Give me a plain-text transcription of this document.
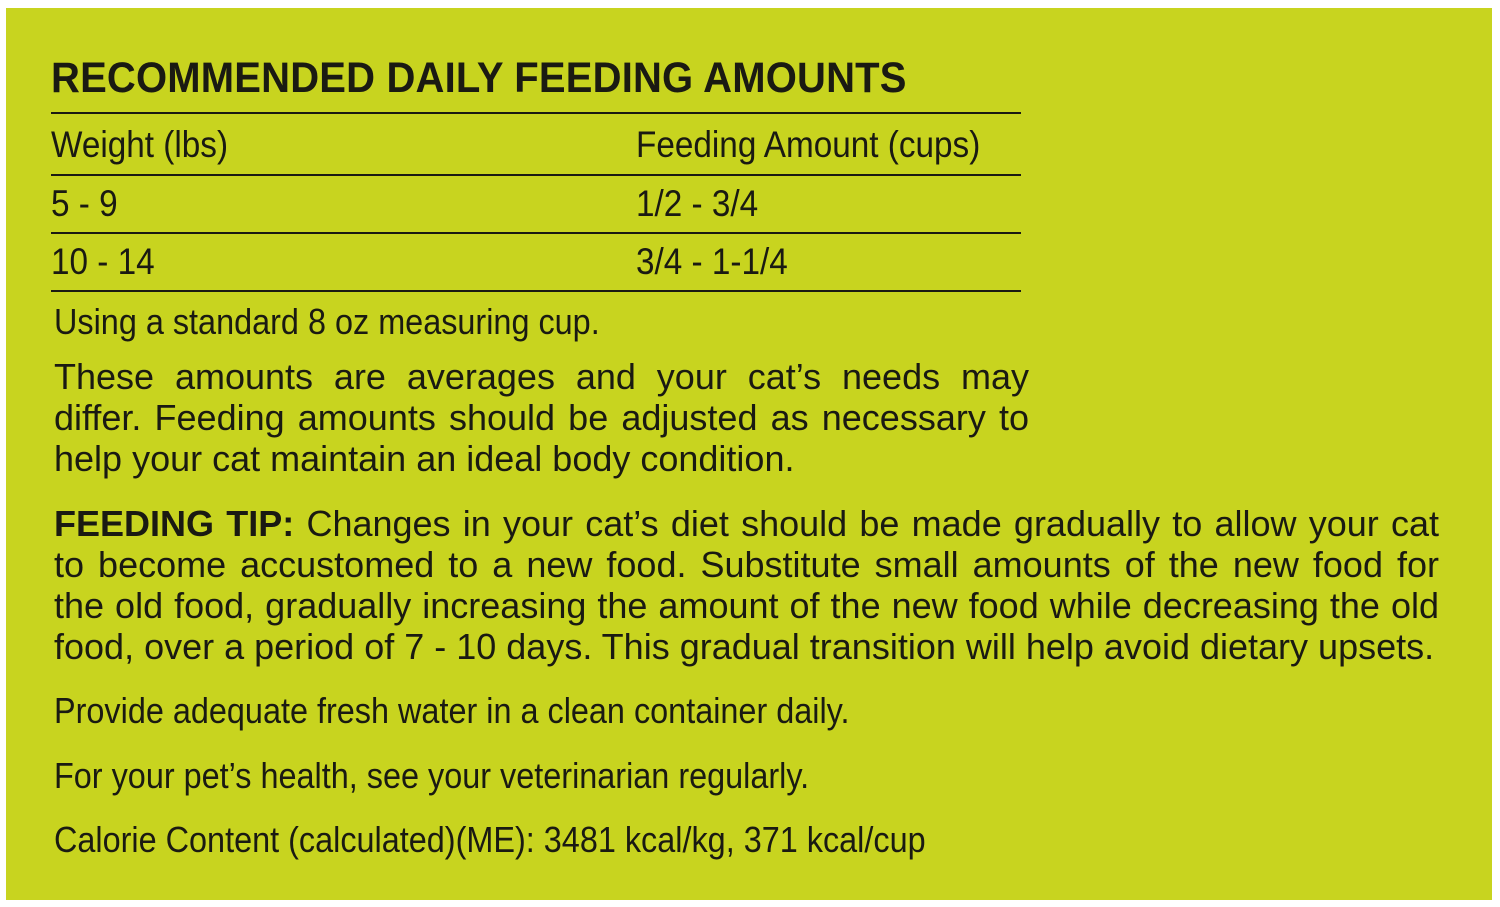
RECOMMENDED DAILY FEEDING AMOUNTS
Weight (lbs)	Feeding Amount (cups)
5 - 9	1/2 - 3/4
10 - 14	3/4 - 1-1/4

Using a standard 8 oz measuring cup.

These amounts are averages and your cat’s needs may differ. Feeding amounts should be adjusted as necessary to help your cat maintain an ideal body condition.

FEEDING TIP: Changes in your cat’s diet should be made gradually to allow your cat to become accustomed to a new food. Substitute small amounts of the new food for the old food, gradually increasing the amount of the new food while decreasing the old food, over a period of 7 - 10 days. This gradual transition will help avoid dietary upsets.

Provide adequate fresh water in a clean container daily.

For your pet’s health, see your veterinarian regularly.

Calorie Content (calculated)(ME): 3481 kcal/kg, 371 kcal/cup
